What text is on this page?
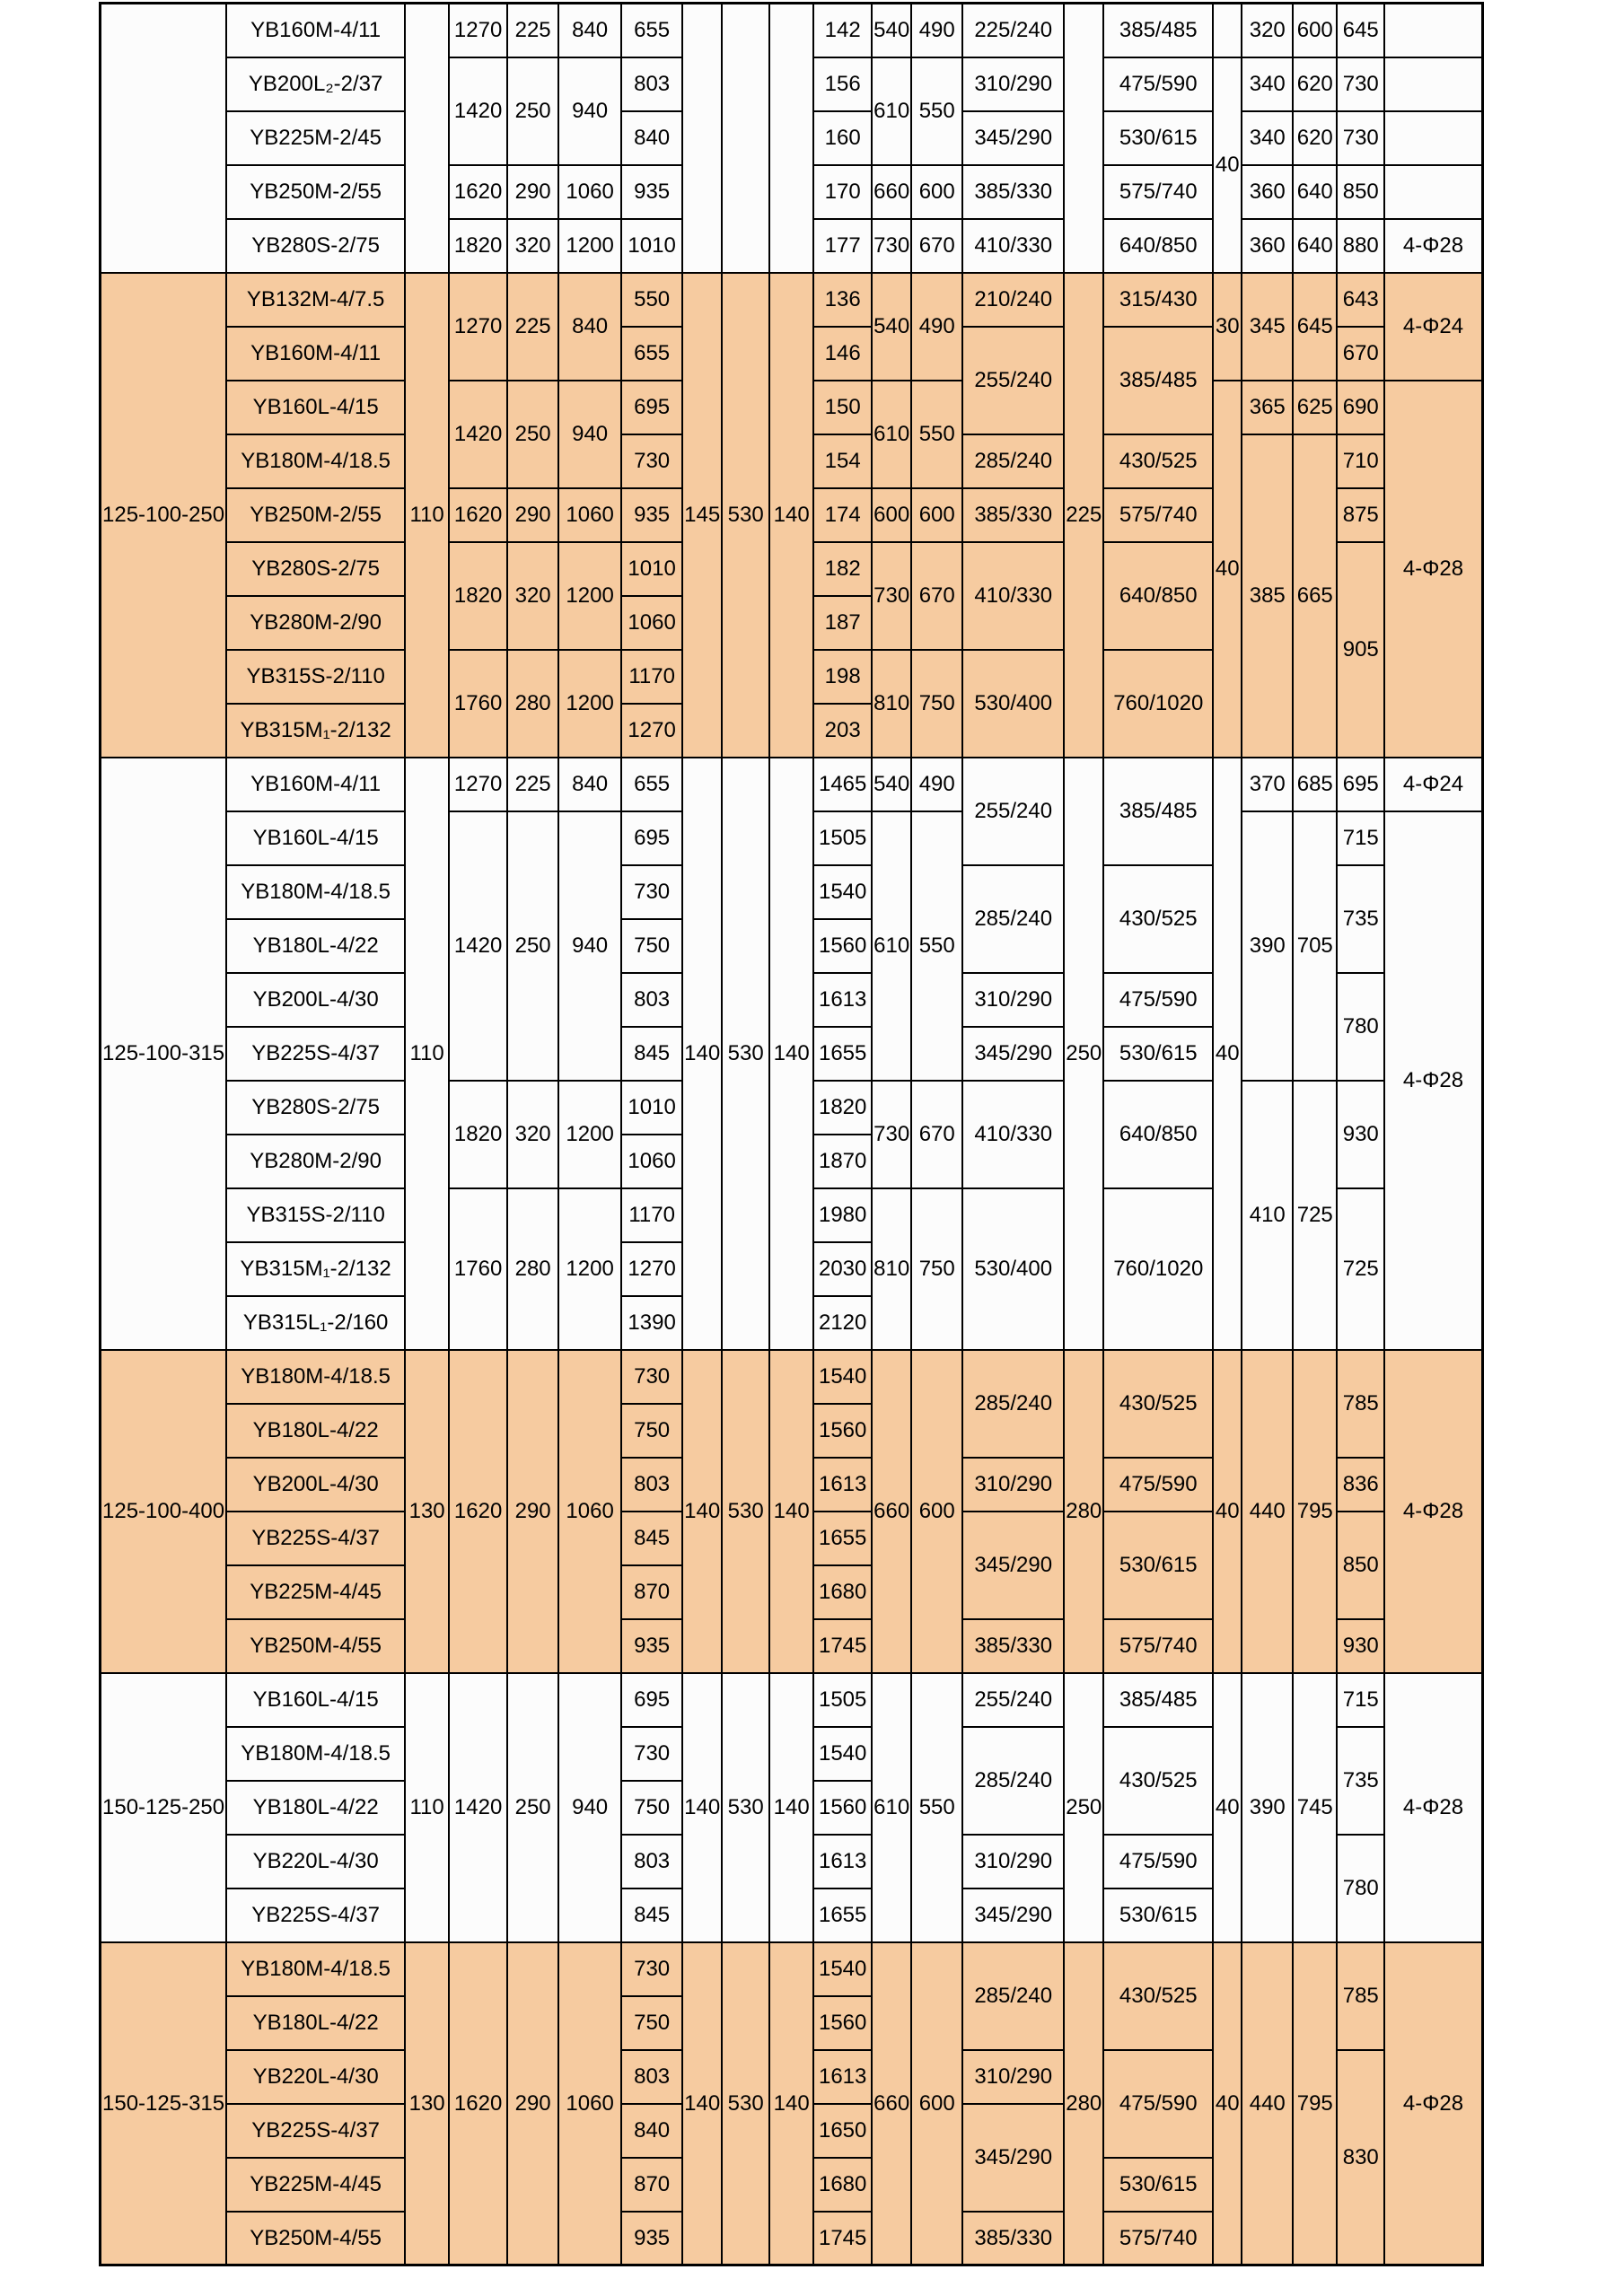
	YB160M-4/11		1270	225	840	655				142	540	490	225/240		385/485		320	600	645	
	YB200L₂-2/37		1420	250	940	803				156	610	550	310/290		475/590	40	340	620	730	
	YB225M-2/45					840				160			345/290		530/615		340	620	730	
	YB250M-2/55		1620	290	1060	935				170	660	600	385/330		575/740		360	640	850	
	YB280S-2/75		1820	320	1200	1010				177	730	670	410/330		640/850		360	640	880	4-Φ28
125-100-250	YB132M-4/7.5	110	1270	225	840	550	145	530	140	136	540	490	210/240	225	315/430	30	345	645	643	4-Φ24
	YB160M-4/11					655				146			255/240		385/485				670	
	YB160L-4/15		1420	250	940	695				150	610	550				40	365	625	690	4-Φ28
	YB180M-4/18.5					730				154			285/240		430/525		385	665	710	
	YB250M-2/55		1620	290	1060	935				174	600	600	385/330		575/740				875	
	YB280S-2/75		1820	320	1200	1010				182	730	670	410/330		640/850				905	
	YB280M-2/90					1060				187										
	YB315S-2/110		1760	280	1200	1170				198	810	750	530/400		760/1020					
	YB315M₁-2/132					1270				203										
125-100-315	YB160M-4/11	110	1270	225	840	655	140	530	140	1465	540	490	255/240	250	385/485	40	370	685	695	4-Φ24
	YB160L-4/15		1420	250	940	695				1505	610	550					390	705	715	4-Φ28
	YB180M-4/18.5					730				1540			285/240		430/525				735	
	YB180L-4/22					750				1560										
	YB200L-4/30					803				1613			310/290		475/590				780	
	YB225S-4/37					845				1655			345/290		530/615					
	YB280S-2/75		1820	320	1200	1010				1820	730	670	410/330		640/850		410	725	930	
	YB280M-2/90					1060				1870										
	YB315S-2/110		1760	280	1200	1170				1980	810	750	530/400		760/1020				725	
	YB315M₁-2/132					1270				2030										
	YB315L₁-2/160					1390				2120										
125-100-400	YB180M-4/18.5	130	1620	290	1060	730	140	530	140	1540	660	600	285/240	280	430/525	40	440	795	785	4-Φ28
	YB180L-4/22					750				1560										
	YB200L-4/30					803				1613			310/290		475/590				836	
	YB225S-4/37					845				1655			345/290		530/615				850	
	YB225M-4/45					870				1680										
	YB250M-4/55					935				1745			385/330		575/740				930	
150-125-250	YB160L-4/15	110	1420	250	940	695	140	530	140	1505	610	550	255/240	250	385/485	40	390	745	715	4-Φ28
	YB180M-4/18.5					730				1540			285/240		430/525				735	
	YB180L-4/22					750				1560										
	YB220L-4/30					803				1613			310/290		475/590				780	
	YB225S-4/37					845				1655			345/290		530/615					
150-125-315	YB180M-4/18.5	130	1620	290	1060	730	140	530	140	1540	660	600	285/240	280	430/525	40	440	795	785	4-Φ28
	YB180L-4/22					750				1560										
	YB220L-4/30					803				1613			310/290		475/590				830	
	YB225S-4/37					840				1650			345/290							
	YB225M-4/45					870				1680					530/615					
	YB250M-4/55					935				1745			385/330		575/740					
